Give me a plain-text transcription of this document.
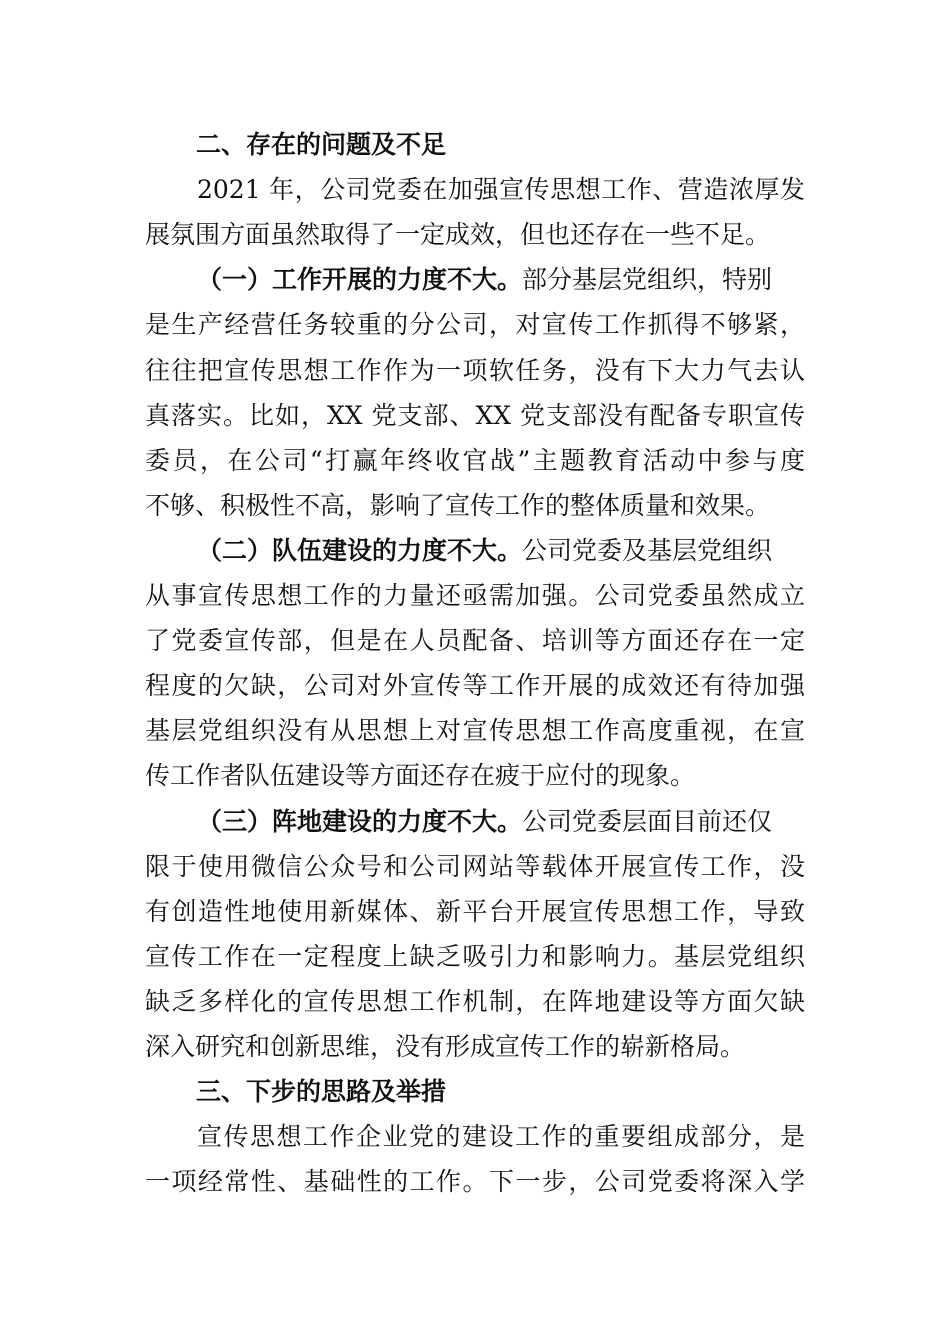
二、存在的问题及不足
2021 年，公司党委在加强宣传思想工作、营造浓厚发
展氛围方面虽然取得了一定成效，但也还存在一些不足。
（一）工作开展的力度不大。部分基层党组织，特别
是生产经营任务较重的分公司，对宣传工作抓得不够紧，
往往把宣传思想工作作为一项软任务，没有下大力气去认
真落实。比如，XX 党支部、XX 党支部没有配备专职宣传
委员，在公司“打赢年终收官战”主题教育活动中参与度
不够、积极性不高，影响了宣传工作的整体质量和效果。
（二）队伍建设的力度不大。公司党委及基层党组织
从事宣传思想工作的力量还亟需加强。公司党委虽然成立
了党委宣传部，但是在人员配备、培训等方面还存在一定
程度的欠缺，公司对外宣传等工作开展的成效还有待加强
基层党组织没有从思想上对宣传思想工作高度重视，在宣
传工作者队伍建设等方面还存在疲于应付的现象。
（三）阵地建设的力度不大。公司党委层面目前还仅
限于使用微信公众号和公司网站等载体开展宣传工作，没
有创造性地使用新媒体、新平台开展宣传思想工作，导致
宣传工作在一定程度上缺乏吸引力和影响力。基层党组织
缺乏多样化的宣传思想工作机制，在阵地建设等方面欠缺
深入研究和创新思维，没有形成宣传工作的崭新格局。
三、下步的思路及举措
宣传思想工作企业党的建设工作的重要组成部分，是
一项经常性、基础性的工作。下一步，公司党委将深入学
